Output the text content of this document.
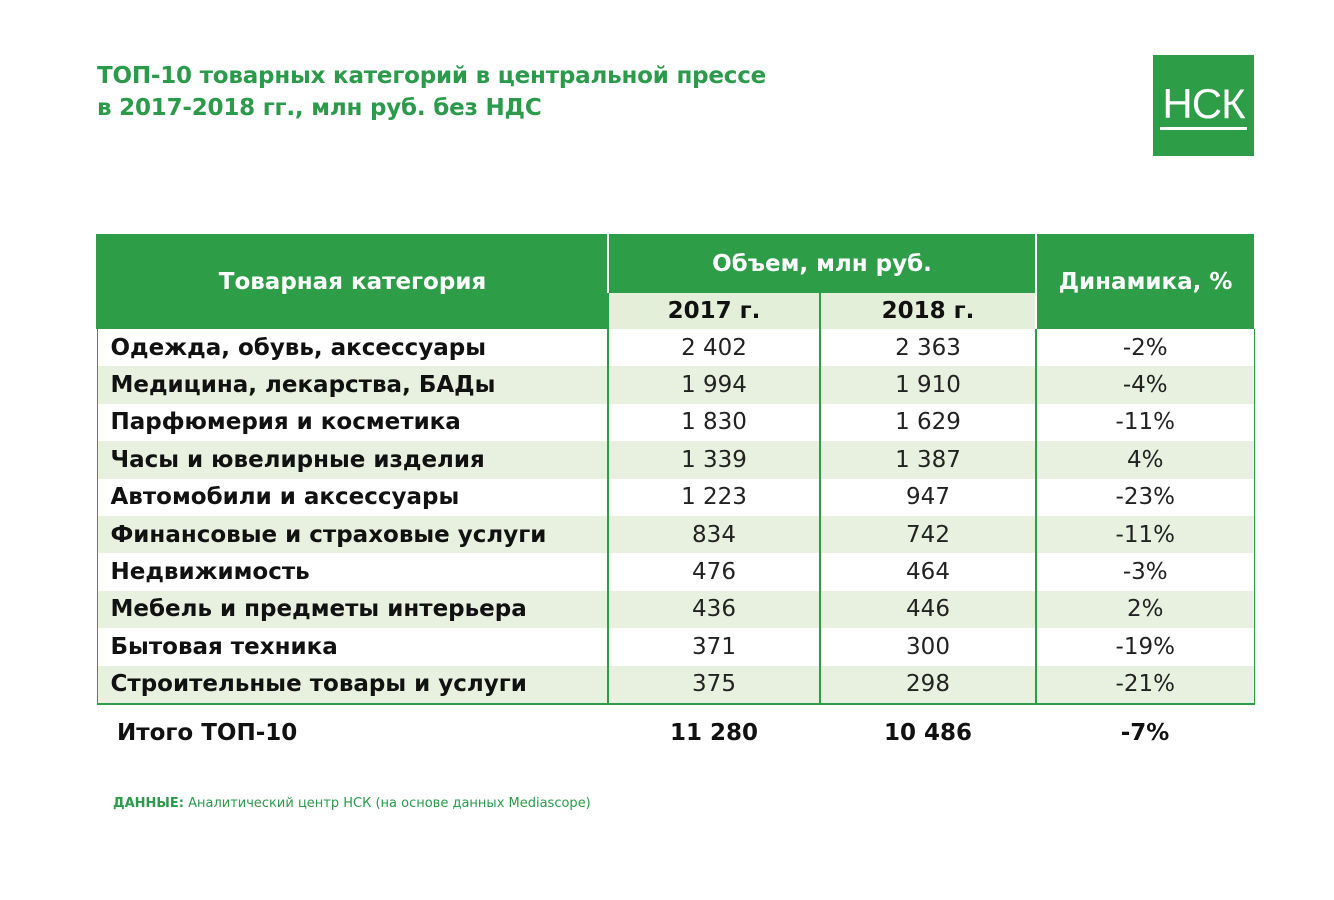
ТОП-10 товарных категорий в центральной прессе
в 2017-2018 гг., млн руб. без НДС	НСК
Товарная категория	Объем, млн руб.		Динамика, %
	2017 г.	2018 г.	
Одежда, обувь, аксессуары	2 402	2 363	-2%
Медицина, лекарства, БАДы	1 994	1 910	-4%
Парфюмерия и косметика	1 830	1 629	-11%
Часы и ювелирные изделия	1 339	1 387	4%
Автомобили и аксессуары	1 223	947	-23%
Финансовые и страховые услуги	834	742	-11%
Недвижимость	476	464	-3%
Мебель и предметы интерьера	436	446	2%
Бытовая техника	371	300	-19%
Строительные товары и услуги	375	298	-21%
Итого ТОП-10	11 280	10 486	-7%
ДАННЫЕ: Аналитический центр НСК (на основе данных Mediascope)
